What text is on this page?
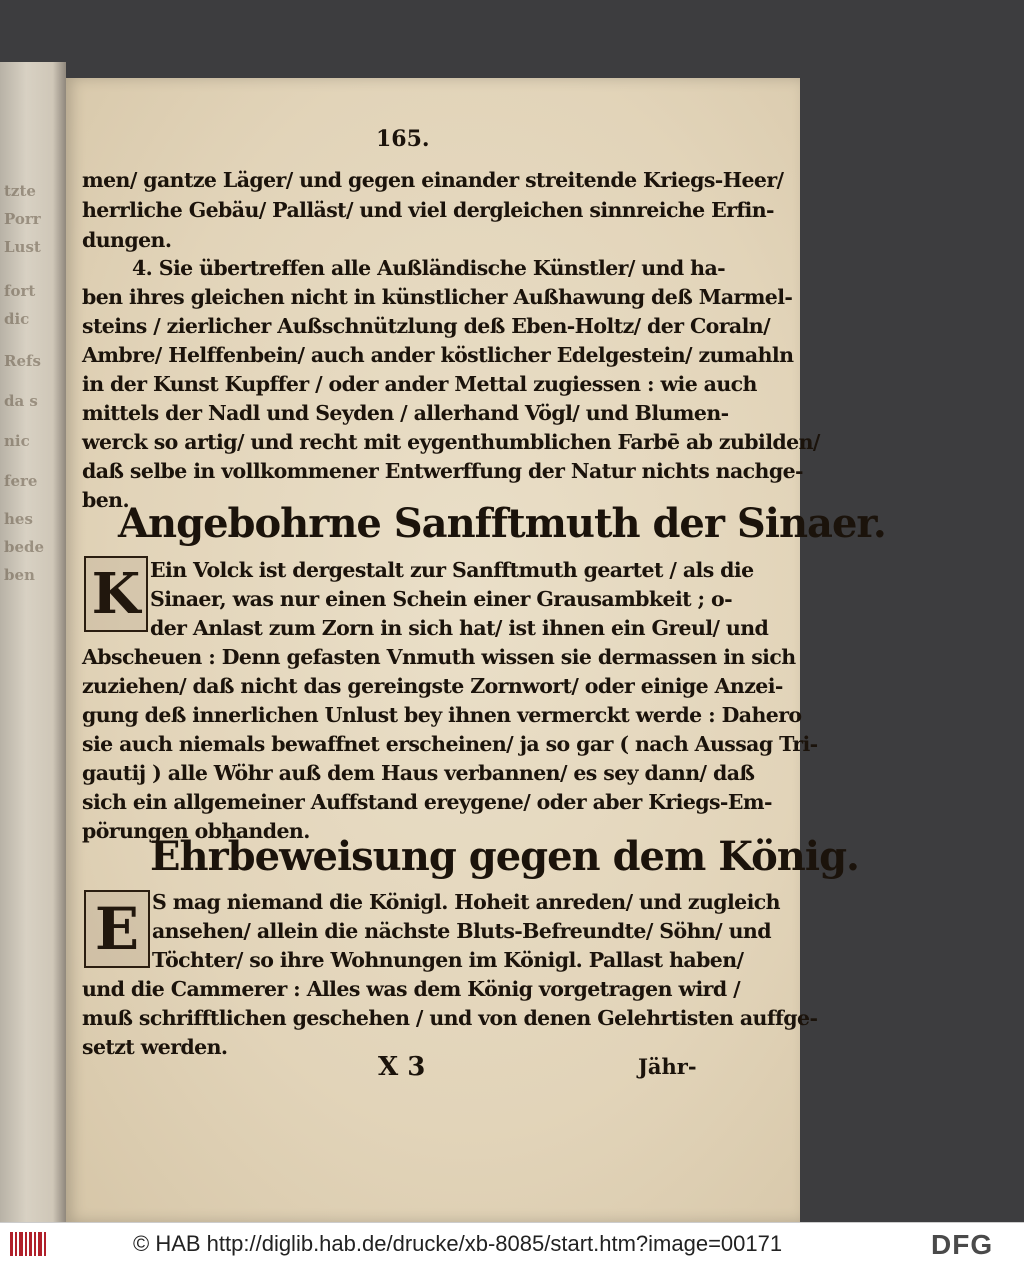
tzte
Porr
Lust
fort
dic
Refs
da s
nic
fere
hes
bede
ben
165.
men/ gantze Läger/ und gegen einander streitende Kriegs-Heer/
herrliche Gebäu/ Palläst/ und viel dergleichen sinnreiche Erfin-
dungen.
4. Sie übertreffen alle Außländische Künstler/ und ha-
ben ihres gleichen nicht in künstlicher Außhawung deß Marmel-
steins / zierlicher Außschnützlung deß Eben-Holtz/ der Coraln/
Ambre/ Helffenbein/ auch ander köstlicher Edelgestein/ zumahln
in der Kunst Kupffer / oder ander Mettal zugiessen : wie auch
mittels der Nadl und Seyden / allerhand Vögl/ und Blumen-
werck so artig/ und recht mit eygenthumblichen Farbē ab zubilden/
daß selbe in vollkommener Entwerffung der Natur nichts nachge-
ben.
Angebohrne Sanfftmuth der Sinaer.
K Ein Volck ist dergestalt zur Sanfftmuth geartet / als die
Sinaer, was nur einen Schein einer Grausambkeit ; o-
der Anlast zum Zorn in sich hat/ ist ihnen ein Greul/ und
Abscheuen : Denn gefasten Vnmuth wissen sie dermassen in sich
zuziehen/ daß nicht das gereingste Zornwort/ oder einige Anzei-
gung deß innerlichen Unlust bey ihnen vermerckt werde : Dahero
sie auch niemals bewaffnet erscheinen/ ja so gar ( nach Aussag Tri-
gautij ) alle Wöhr auß dem Haus verbannen/ es sey dann/ daß
sich ein allgemeiner Auffstand ereygene/ oder aber Kriegs-Em-
pörungen obhanden.
Ehrbeweisung gegen dem König.
E S mag niemand die Königl. Hoheit anreden/ und zugleich
ansehen/ allein die nächste Bluts-Befreundte/ Söhn/ und
Töchter/ so ihre Wohnungen im Königl. Pallast haben/
und die Cammerer : Alles was dem König vorgetragen wird /
muß schrifftlichen geschehen / und von denen Gelehrtisten auffge-
setzt werden.
X 3	Jähr-
© HAB http://diglib.hab.de/drucke/xb-8085/start.htm?image=00171	DFG
